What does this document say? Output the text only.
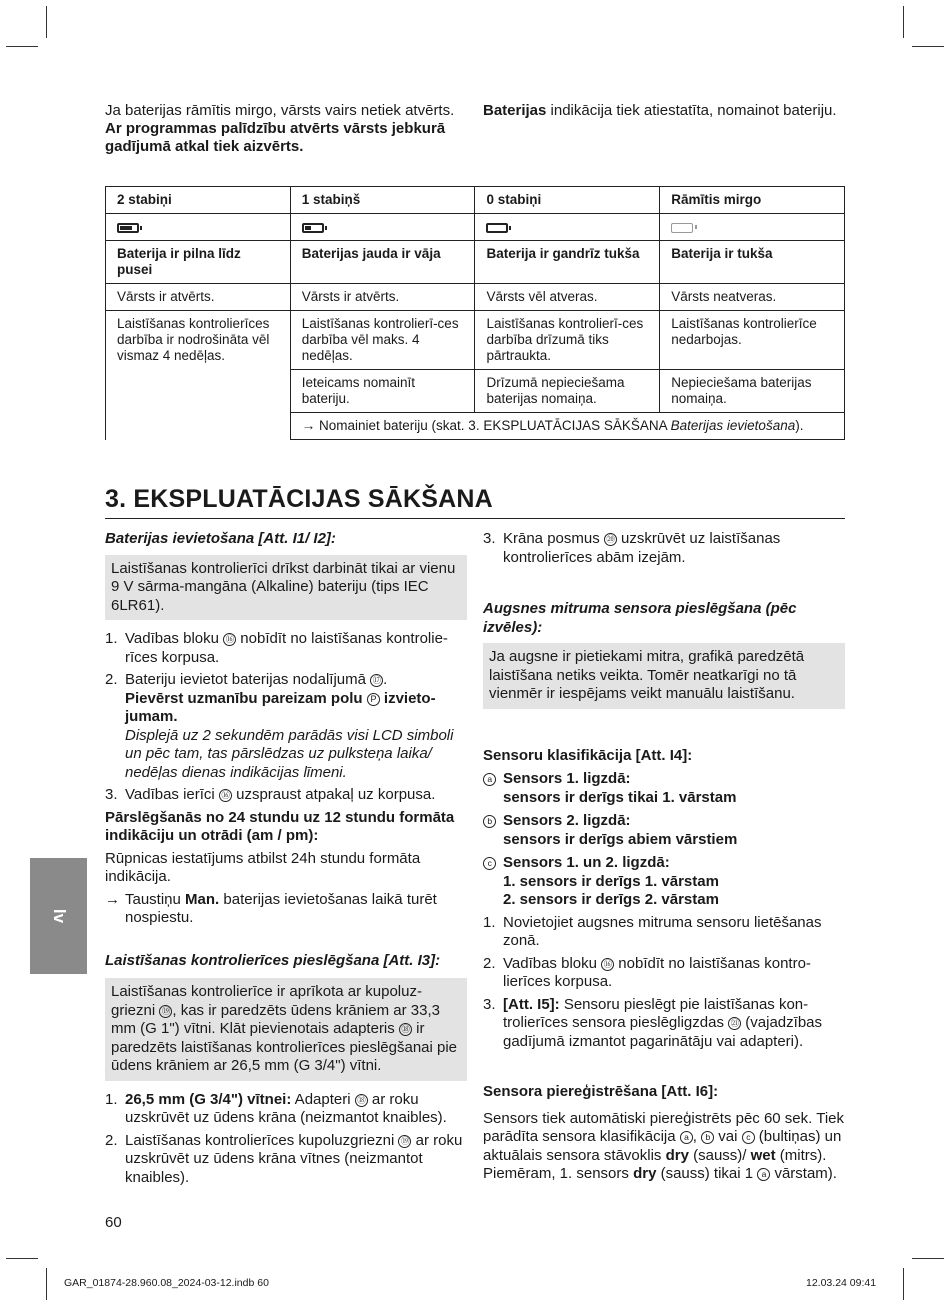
Ja baterijas rāmītis mirgo, vārsts vairs netiek atvērts. Ar programmas palīdzību atvērts vārsts jebkurā gadījumā atkal tiek aizvērts.
Baterijas indikācija tiek atiestatīta, nomainot bateriju.
2 stabiņi	1 stabiņš	0 stabiņi	Rāmītis mirgo

Baterija ir pilna līdz pusei	Baterijas jauda ir vāja	Baterija ir gandrīz tukša	Baterija ir tukša
Vārsts ir atvērts.	Vārsts ir atvērts.	Vārsts vēl atveras.	Vārsts neatveras.
Laistīšanas kontrolierīces darbība ir nodrošināta vēl vismaz 4 nedēļas.	Laistīšanas kontrolierī-ces darbība vēl maks. 4 nedēļas.	Laistīšanas kontrolierī-ces darbība drīzumā tiks pārtraukta.	Laistīšanas kontrolierīce nedarbojas.
	Ieteicams nomainīt bateriju.	Drīzumā nepieciešama baterijas nomaiņa.	Nepieciešama baterijas nomaiņa.
	→ Nomainiet bateriju (skat. 3. EKSPLUATĀCIJAS SĀKŠANA Baterijas ievietošana).		
3. EKSPLUATĀCIJAS SĀKŠANA
Baterijas ievietošana [Att. I1/ I2]:
Laistīšanas kontrolierīci drīkst darbināt tikai ar vienu 9 V sārma-mangāna (Alkaline) bateriju (tips IEC 6LR61).
1. Vadības bloku ⑯ nobīdīt no laistīšanas kontrolie-rīces korpusa.
2. Bateriju ievietot baterijas nodalījumā ⑰ .
Pievērst uzmanību pareizam polu P izvieto-jumam.
Displejā uz 2 sekundēm parādās visi LCD simboli un pēc tam, tas pārslēdzas uz pulksteņa laika/ nedēļas dienas indikācijas līmeni.
3. Vadības ierīci ⑯ uzspraust atpakaļ uz korpusa.
Pārslēgšanās no 24 stundu uz 12 stundu formāta indikāciju un otrādi (am / pm):
Rūpnicas iestatījums atbilst 24h stundu formāta indikācija.
→ Taustiņu Man. baterijas ievietošanas laikā turēt nospiestu.
Laistīšanas kontrolierīces pieslēgšana [Att. I3]:
Laistīšanas kontrolierīce ir aprīkota ar kupoluz-griezni ⑲ , kas ir paredzēts ūdens krāniem ar 33,3 mm (G 1") vītni. Klāt pievienotais adapteris ⑱ ir paredzēts laistīšanas kontrolierīces pieslēgšanai pie ūdens krāniem ar 26,5 mm (G 3/4") vītni.
1. 26,5 mm (G 3/4") vītnei: Adapteri ⑱ ar roku uzskrūvēt uz ūdens krāna (neizmantot knaibles).
2. Laistīšanas kontrolierīces kupoluzgriezni ⑲ ar roku uzskrūvēt uz ūdens krāna vītnes (neizmantot knaibles).
3. Krāna posmus ⑳ uzskrūvēt uz laistīšanas kontrolierīces abām izejām.
Augsnes mitruma sensora pieslēgšana (pēc izvēles):
Ja augsne ir pietiekami mitra, grafikā paredzētā laistīšana netiks veikta. Tomēr neatkarīgi no tā vienmēr ir iespējams veikt manuālu laistīšanu.
Sensoru klasifikācija [Att. I4]:
a Sensors 1. ligzdā:
sensors ir derīgs tikai 1. vārstam
b Sensors 2. ligzdā:
sensors ir derīgs abiem vārstiem
c Sensors 1. un 2. ligzdā:
1. sensors ir derīgs 1. vārstam
2. sensors ir derīgs 2. vārstam
1. Novietojiet augsnes mitruma sensoru lietēšanas zonā.
2. Vadības bloku ⑯ nobīdīt no laistīšanas kontro-lierīces korpusa.
3. [Att. I5]: Sensoru pieslēgt pie laistīšanas kon-trolierīces sensora pieslēgligzdas ㉑ (vajadzības gadījumā izmantot pagarinātāju vai adapteri).
Sensora piereģistrēšana [Att. I6]:
Sensors tiek automātiski piereģistrēts pēc 60 sek. Tiek parādīta sensora klasifikācija a , b vai c (bultiņas) un aktuālais sensora stāvoklis dry (sauss)/ wet (mitrs). Piemēram, 1. sensors dry (sauss) tikai 1 a vārstam).
lv
60
GAR_01874-28.960.08_2024-03-12.indb 60	12.03.24 09:41
